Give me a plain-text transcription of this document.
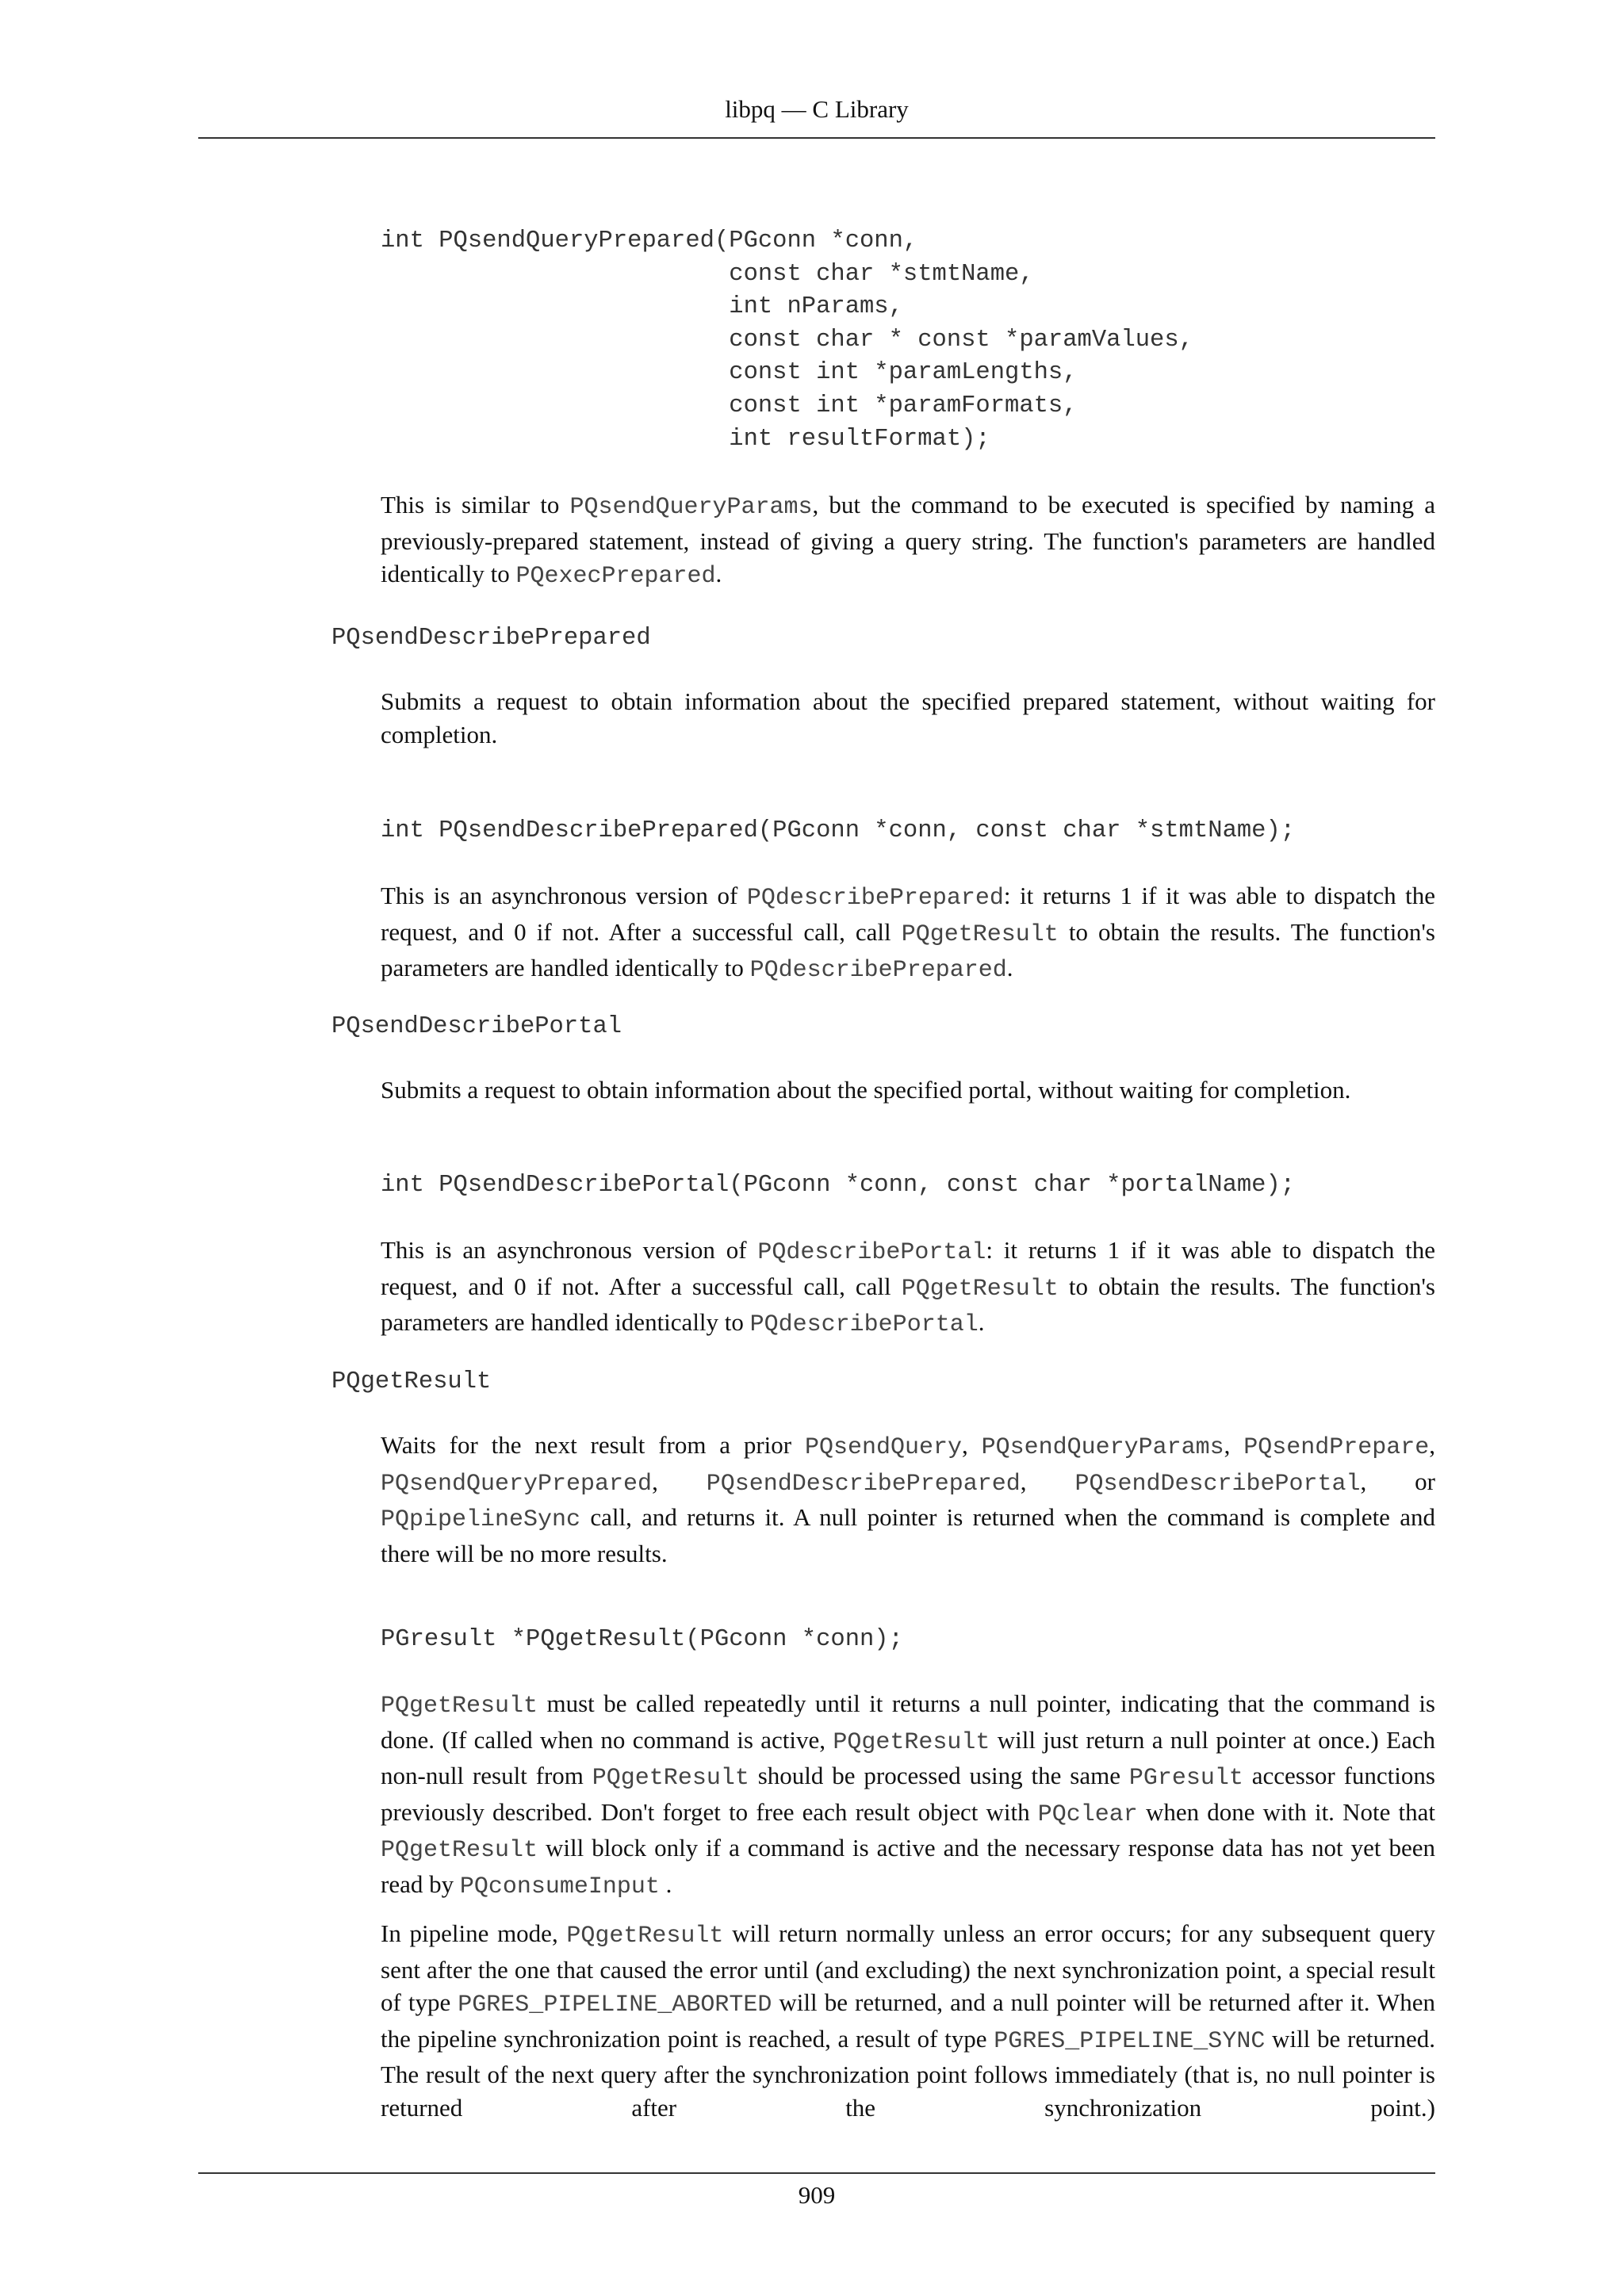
libpq — C Library
int PQsendQueryPrepared(PGconn *conn,
const char *stmtName,
int nParams,
const char * const *paramValues,
const int *paramLengths,
const int *paramFormats,
int resultFormat);
This is similar to PQsendQueryParams, but the command to be executed is specified by naming a previously-prepared statement, instead of giving a query string. The function's parameters are handled identically to PQexecPrepared.
PQsendDescribePrepared
Submits a request to obtain information about the specified prepared statement, without waiting for completion.
int PQsendDescribePrepared(PGconn *conn, const char *stmtName);
This is an asynchronous version of PQdescribePrepared: it returns 1 if it was able to dispatch the request, and 0 if not. After a successful call, call PQgetResult to obtain the results. The function's parameters are handled identically to PQdescribePrepared.
PQsendDescribePortal
Submits a request to obtain information about the specified portal, without waiting for completion.
int PQsendDescribePortal(PGconn *conn, const char *portalName);
This is an asynchronous version of PQdescribePortal: it returns 1 if it was able to dispatch the request, and 0 if not. After a successful call, call PQgetResult to obtain the results. The function's parameters are handled identically to PQdescribePortal.
PQgetResult
Waits for the next result from a prior PQsendQuery, PQsendQueryParams, PQsendPrepare, PQsendQueryPrepared, PQsendDescribePrepared, PQsendDescribePortal, or PQpipelineSync call, and returns it. A null pointer is returned when the command is complete and there will be no more results.
PGresult *PQgetResult(PGconn *conn);
PQgetResult must be called repeatedly until it returns a null pointer, indicating that the command is done. (If called when no command is active, PQgetResult will just return a null pointer at once.) Each non-null result from PQgetResult should be processed using the same PGresult accessor functions previously described. Don't forget to free each result object with PQclear when done with it. Note that PQgetResult will block only if a command is active and the necessary response data has not yet been read by PQconsumeInput .
In pipeline mode, PQgetResult will return normally unless an error occurs; for any subsequent query sent after the one that caused the error until (and excluding) the next synchronization point, a special result of type PGRES_PIPELINE_ABORTED will be returned, and a null pointer will be returned after it. When the pipeline synchronization point is reached, a result of type PGRES_PIPELINE_SYNC will be returned. The result of the next query after the synchronization point follows immediately (that is, no null pointer is returned after the synchronization point.)
909
